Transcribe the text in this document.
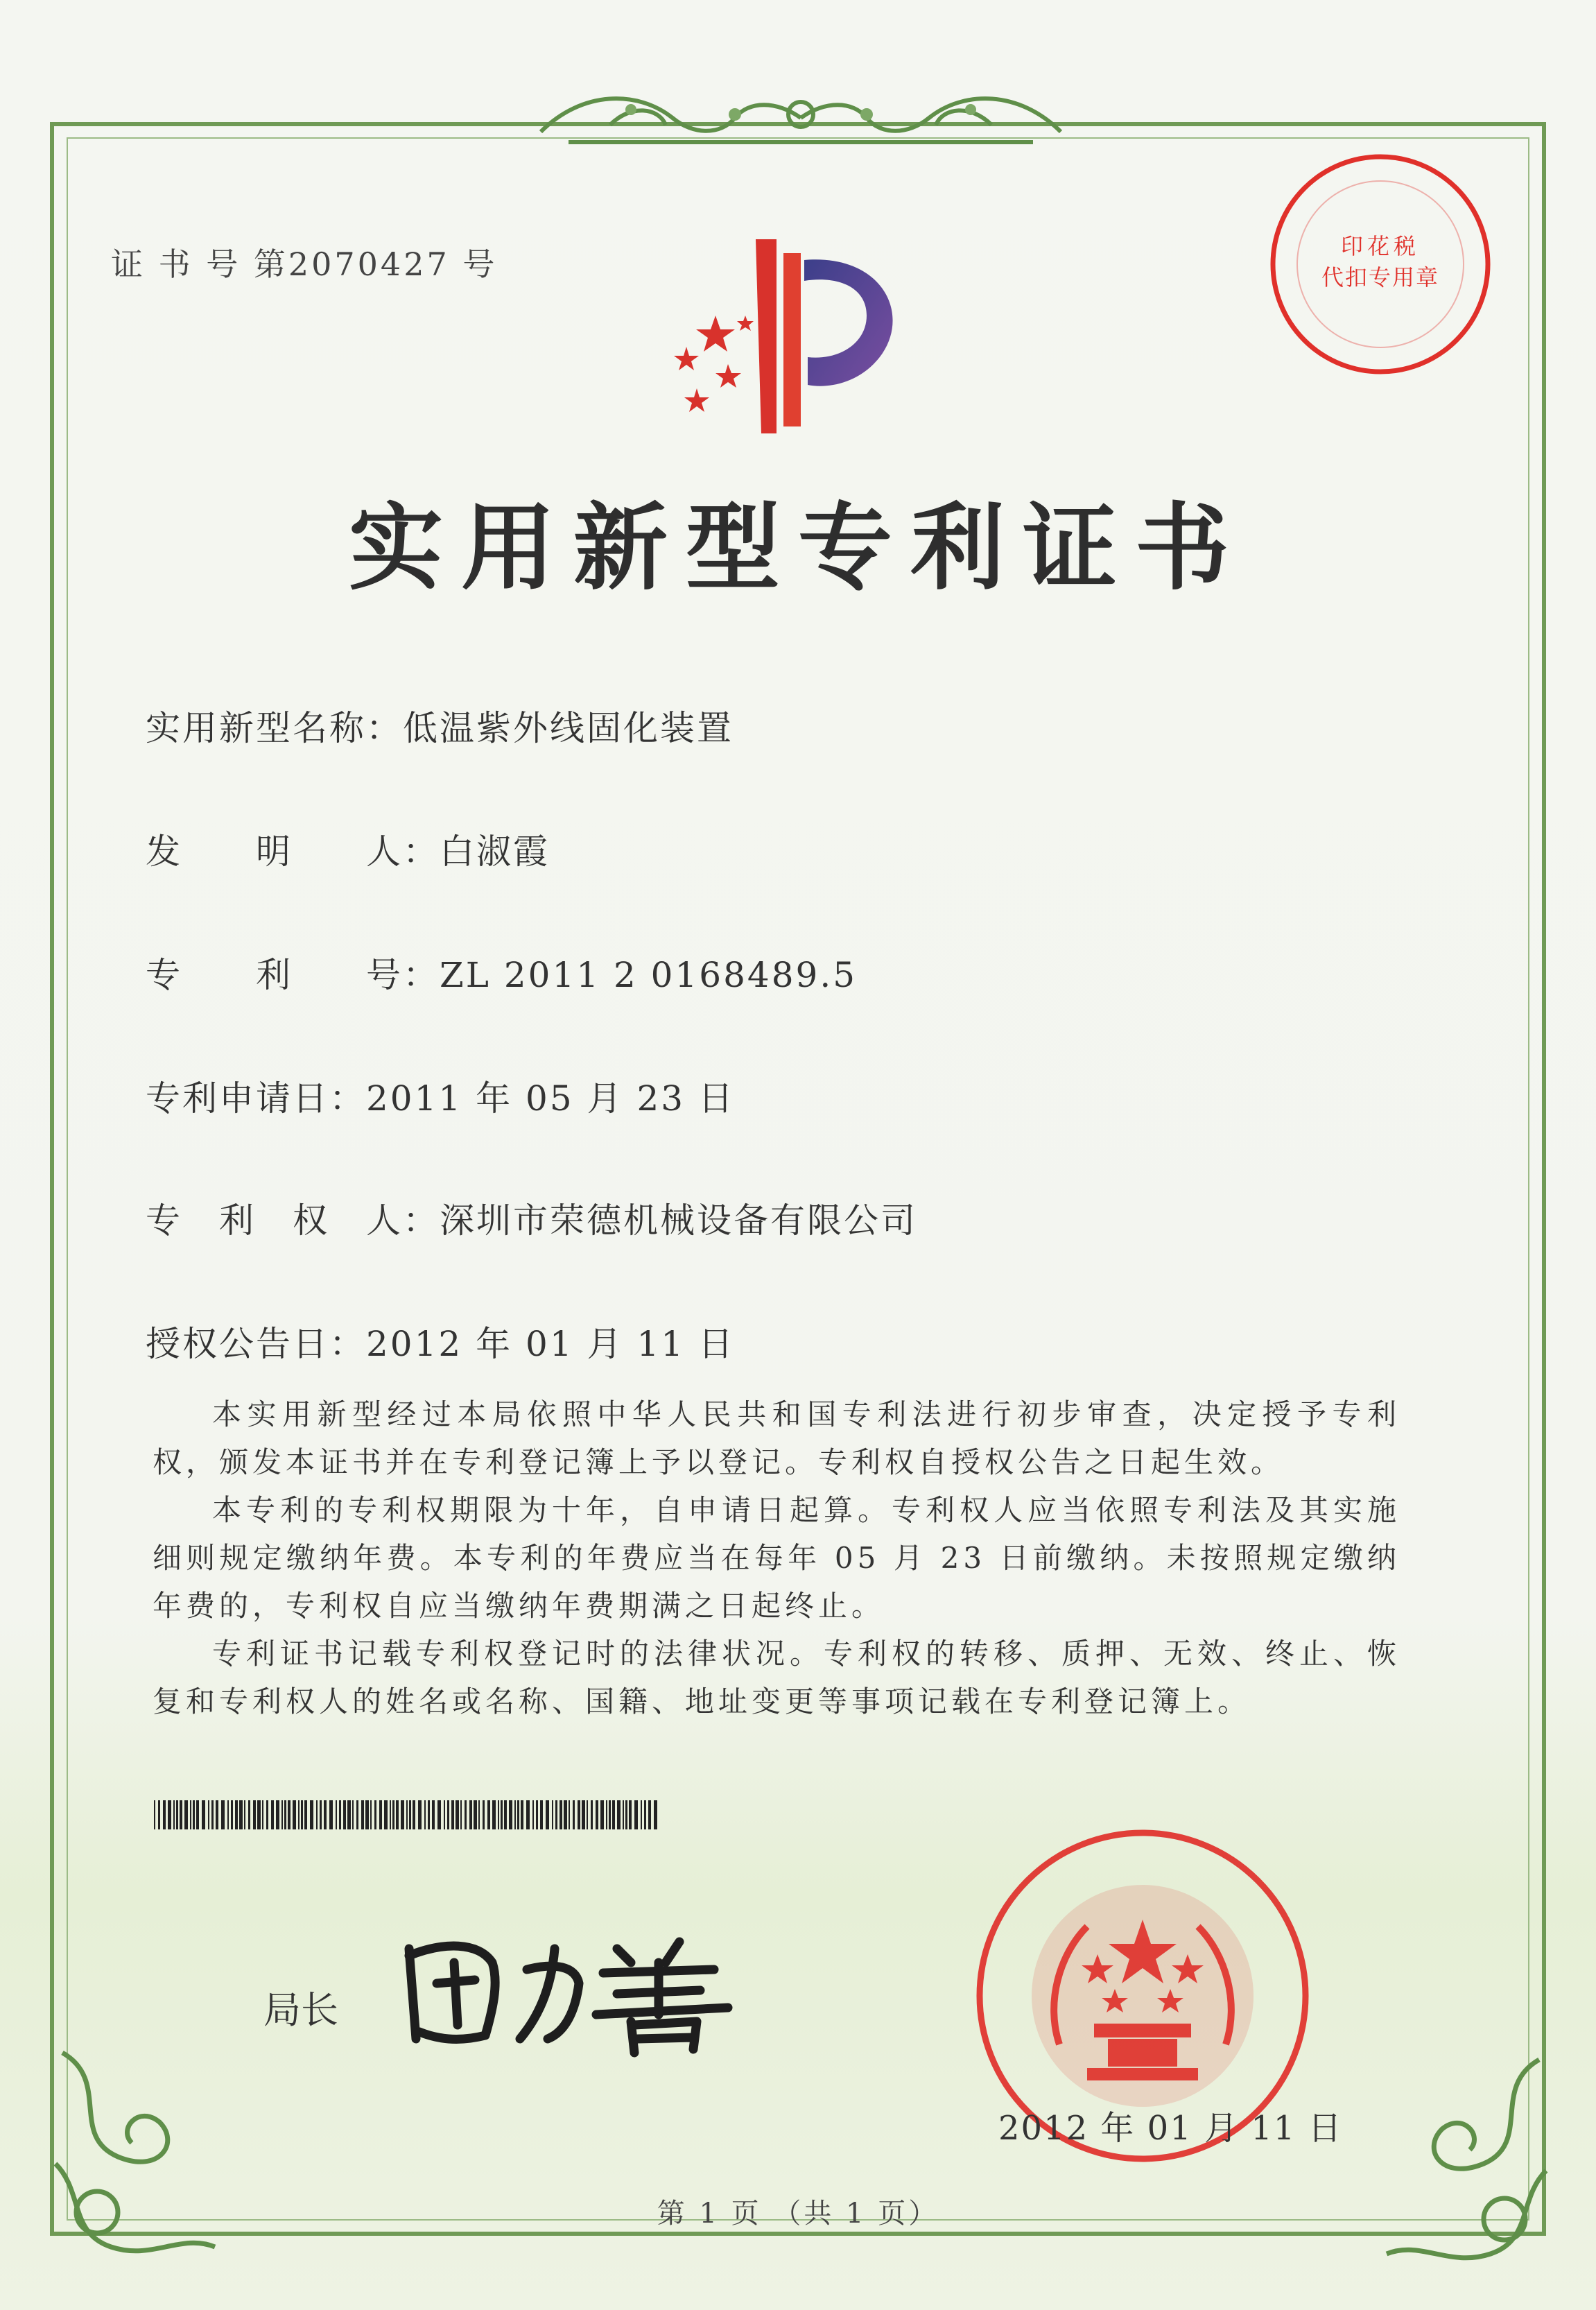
证 书 号 第2070427 号	印花税
代扣专用章
实用新型专利证书
实用新型名称：低温紫外线固化装置
发　　明　　人：白淑霞
专　　利　　号：ZL 2011 2 0168489.5
专利申请日：2011 年 05 月 23 日
专　利　权　人：深圳市荣德机械设备有限公司
授权公告日：2012 年 01 月 11 日

本实用新型经过本局依照中华人民共和国专利法进行初步审查，决定授予专利权，颁发本证书并在专利登记簿上予以登记。专利权自授权公告之日起生效。

本专利的专利权期限为十年，自申请日起算。专利权人应当依照专利法及其实施细则规定缴纳年费。本专利的年费应当在每年 05 月 23 日前缴纳。未按照规定缴纳年费的，专利权自应当缴纳年费期满之日起终止。

专利证书记载专利权登记时的法律状况。专利权的转移、质押、无效、终止、恢复和专利权人的姓名或名称、国籍、地址变更等事项记载在专利登记簿上。

局长
2012 年 01 月 11 日
第 1 页 （共 1 页）
